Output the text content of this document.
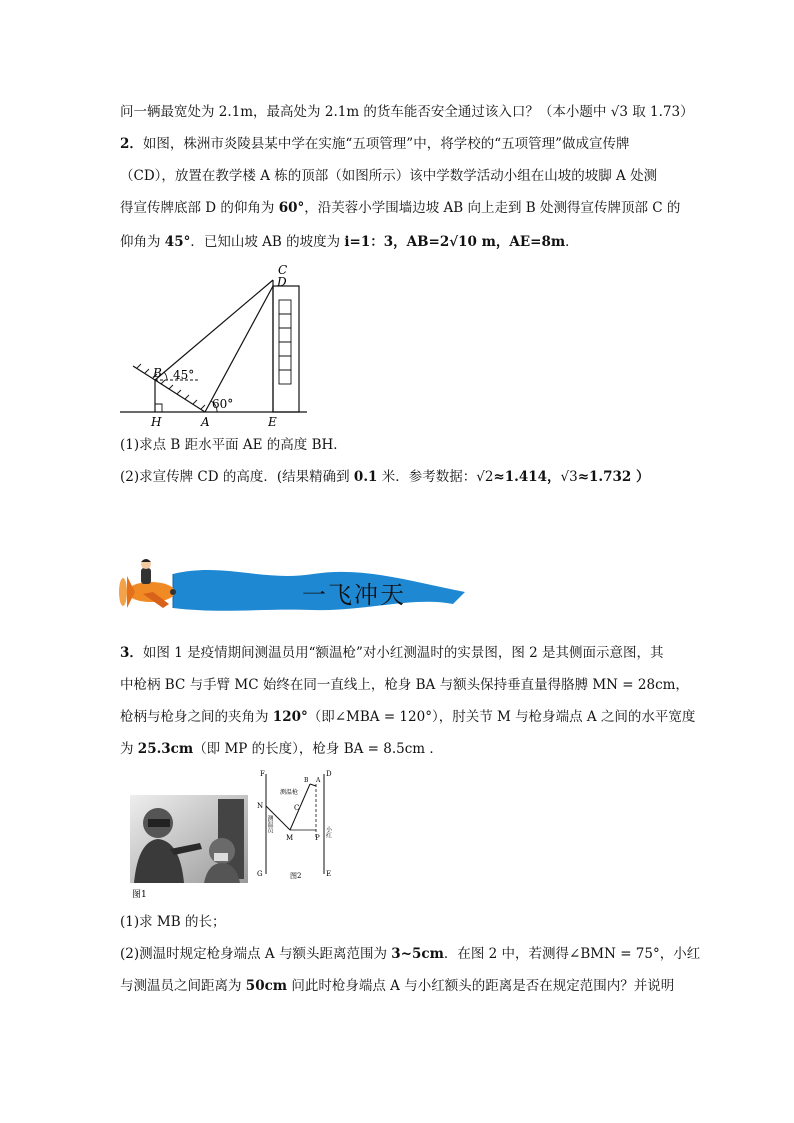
问一辆最宽处为 2.1m，最高处为 2.1m 的货车能否安全通过该入口？（本小题中 √3 取 1.73）
2．如图，株洲市炎陵县某中学在实施“五项管理”中，将学校的“五项管理”做成宣传牌
（CD），放置在教学楼 A 栋的顶部（如图所示）该中学数学活动小组在山坡的坡脚 A 处测
得宣传牌底部 D 的仰角为 60°，沿芙蓉小学围墙边坡 AB 向上走到 B 处测得宣传牌顶部 C 的
仰角为 45°．已知山坡 AB 的坡度为 i=1：3，AB=2√10 m，AE=8m．
C
D
B 45°
60°
H	A	E
(1)求点 B 距水平面 AE 的高度 BH．
(2)求宣传牌 CD 的高度．(结果精确到 0.1 米．参考数据：√2≈1.414，√3≈1.732 ）
一飞冲天
3．如图 1 是疫情期间测温员用“额温枪”对小红测温时的实景图，图 2 是其侧面示意图，其
中枪柄 BC 与手臂 MC 始终在同一直线上，枪身 BA 与额头保持垂直量得胳膊 MN = 28cm，
枪柄与枪身之间的夹角为 120°（即∠MBA = 120°），肘关节 M 与枪身端点 A 之间的水平宽度
为 25.3cm（即 MP 的长度），枪身 BA = 8.5cm ．
图1
F
N
G
D
E
B A
C
M	P
测温枪
测温员
小红
图2
(1)求 MB 的长；
(2)测温时规定枪身端点 A 与额头距离范围为 3~5cm．在图 2 中，若测得∠BMN = 75°，小红
与测温员之间距离为 50cm 问此时枪身端点 A 与小红额头的距离是否在规定范围内？并说明
